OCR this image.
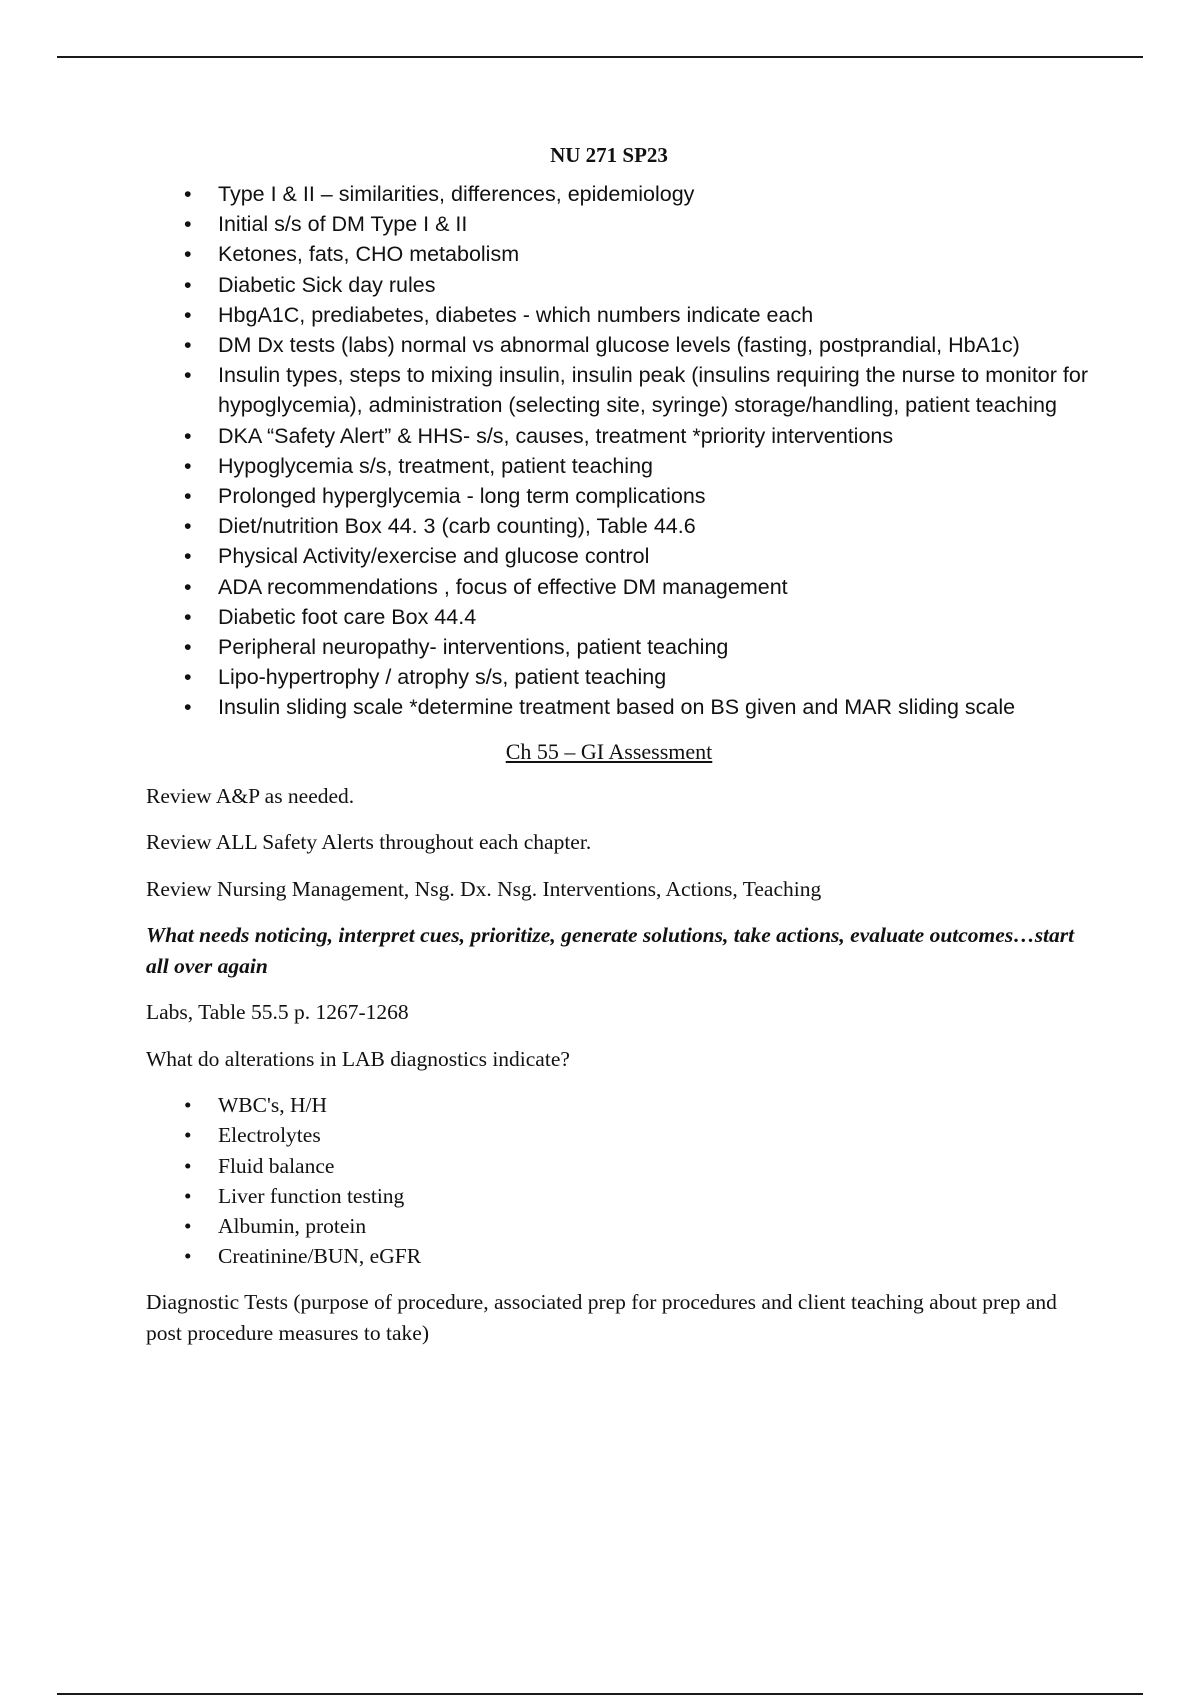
NU 271 SP23
• Type I & II – similarities, differences, epidemiology
• Initial s/s of DM Type I & II
• Ketones, fats, CHO metabolism
• Diabetic Sick day rules
• HbgA1C, prediabetes, diabetes - which numbers indicate each
• DM Dx tests (labs) normal vs abnormal glucose levels (fasting, postprandial, HbA1c)
• Insulin types, steps to mixing insulin, insulin peak (insulins requiring the nurse to monitor for hypoglycemia), administration (selecting site, syringe) storage/handling, patient teaching
• DKA “Safety Alert” & HHS- s/s, causes, treatment *priority interventions
• Hypoglycemia s/s, treatment, patient teaching
• Prolonged hyperglycemia - long term complications
• Diet/nutrition Box 44. 3 (carb counting), Table 44.6
• Physical Activity/exercise and glucose control
• ADA recommendations , focus of effective DM management
• Diabetic foot care Box 44.4
• Peripheral neuropathy- interventions, patient teaching
• Lipo-hypertrophy / atrophy s/s, patient teaching
• Insulin sliding scale *determine treatment based on BS given and MAR sliding scale
Ch 55 – GI Assessment

Review A&P as needed.

Review ALL Safety Alerts throughout each chapter.

Review Nursing Management, Nsg. Dx. Nsg. Interventions, Actions, Teaching

What needs noticing, interpret cues, prioritize, generate solutions, take actions, evaluate outcomes…start all over again

Labs, Table 55.5 p. 1267-1268

What do alterations in LAB diagnostics indicate?

• WBC's, H/H
• Electrolytes
• Fluid balance
• Liver function testing
• Albumin, protein
• Creatinine/BUN, eGFR

Diagnostic Tests (purpose of procedure, associated prep for procedures and client teaching about prep and post procedure measures to take)
